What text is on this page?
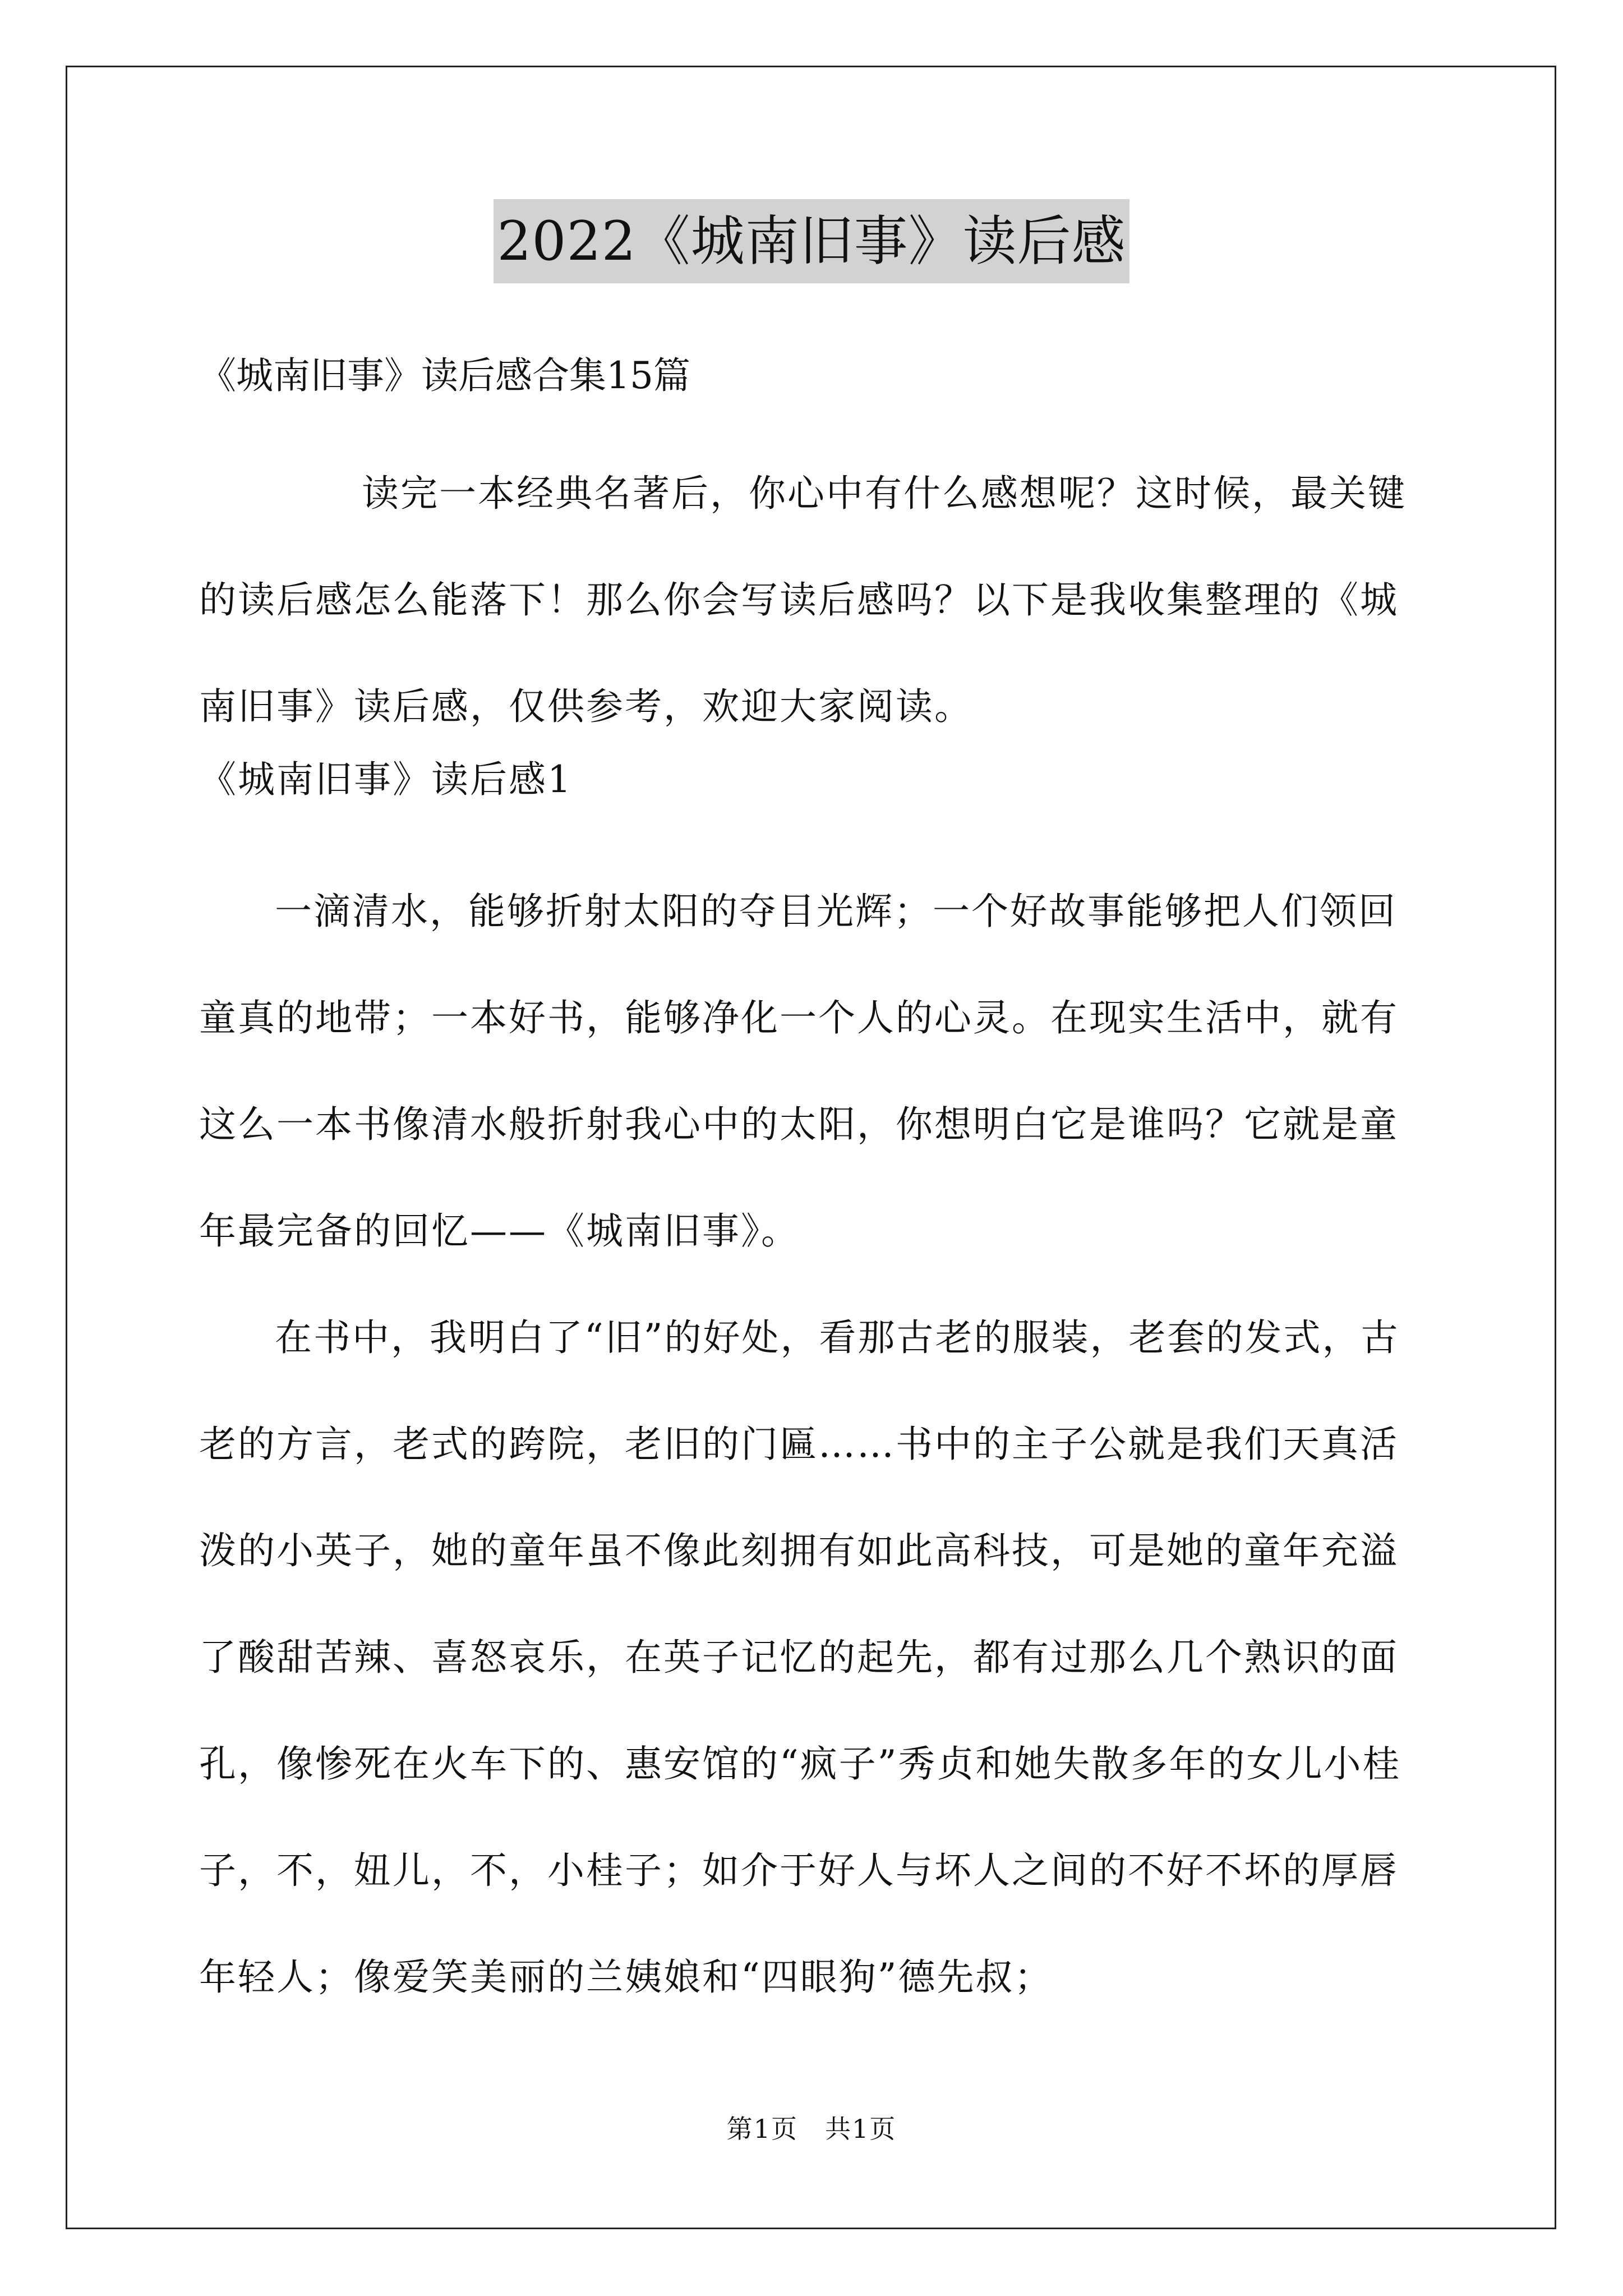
2022《城南旧事》读后感
《城南旧事》读后感合集15篇
读完一本经典名著后，你心中有什么感想呢？这时候，最关键的读后感怎么能落下！那么你会写读后感吗？以下是我收集整理的《城南旧事》读后感，仅供参考，欢迎大家阅读。
《城南旧事》读后感1
一滴清水，能够折射太阳的夺目光辉；一个好故事能够把人们领回童真的地带；一本好书，能够净化一个人的心灵。在现实生活中，就有这么一本书像清水般折射我心中的太阳，你想明白它是谁吗？它就是童年最完备的回忆——《城南旧事》。
在书中，我明白了“旧”的好处，看那古老的服装，老套的发式，古老的方言，老式的跨院，老旧的门匾……书中的主子公就是我们天真活泼的小英子，她的童年虽不像此刻拥有如此高科技，可是她的童年充溢了酸甜苦辣、喜怒哀乐，在英子记忆的起先，都有过那么几个熟识的面孔，像惨死在火车下的、惠安馆的“疯子”秀贞和她失散多年的女儿小桂子，不，妞儿，不，小桂子；如介于好人与坏人之间的不好不坏的厚唇年轻人；像爱笑美丽的兰姨娘和“四眼狗”德先叔；
第1页　共1页
